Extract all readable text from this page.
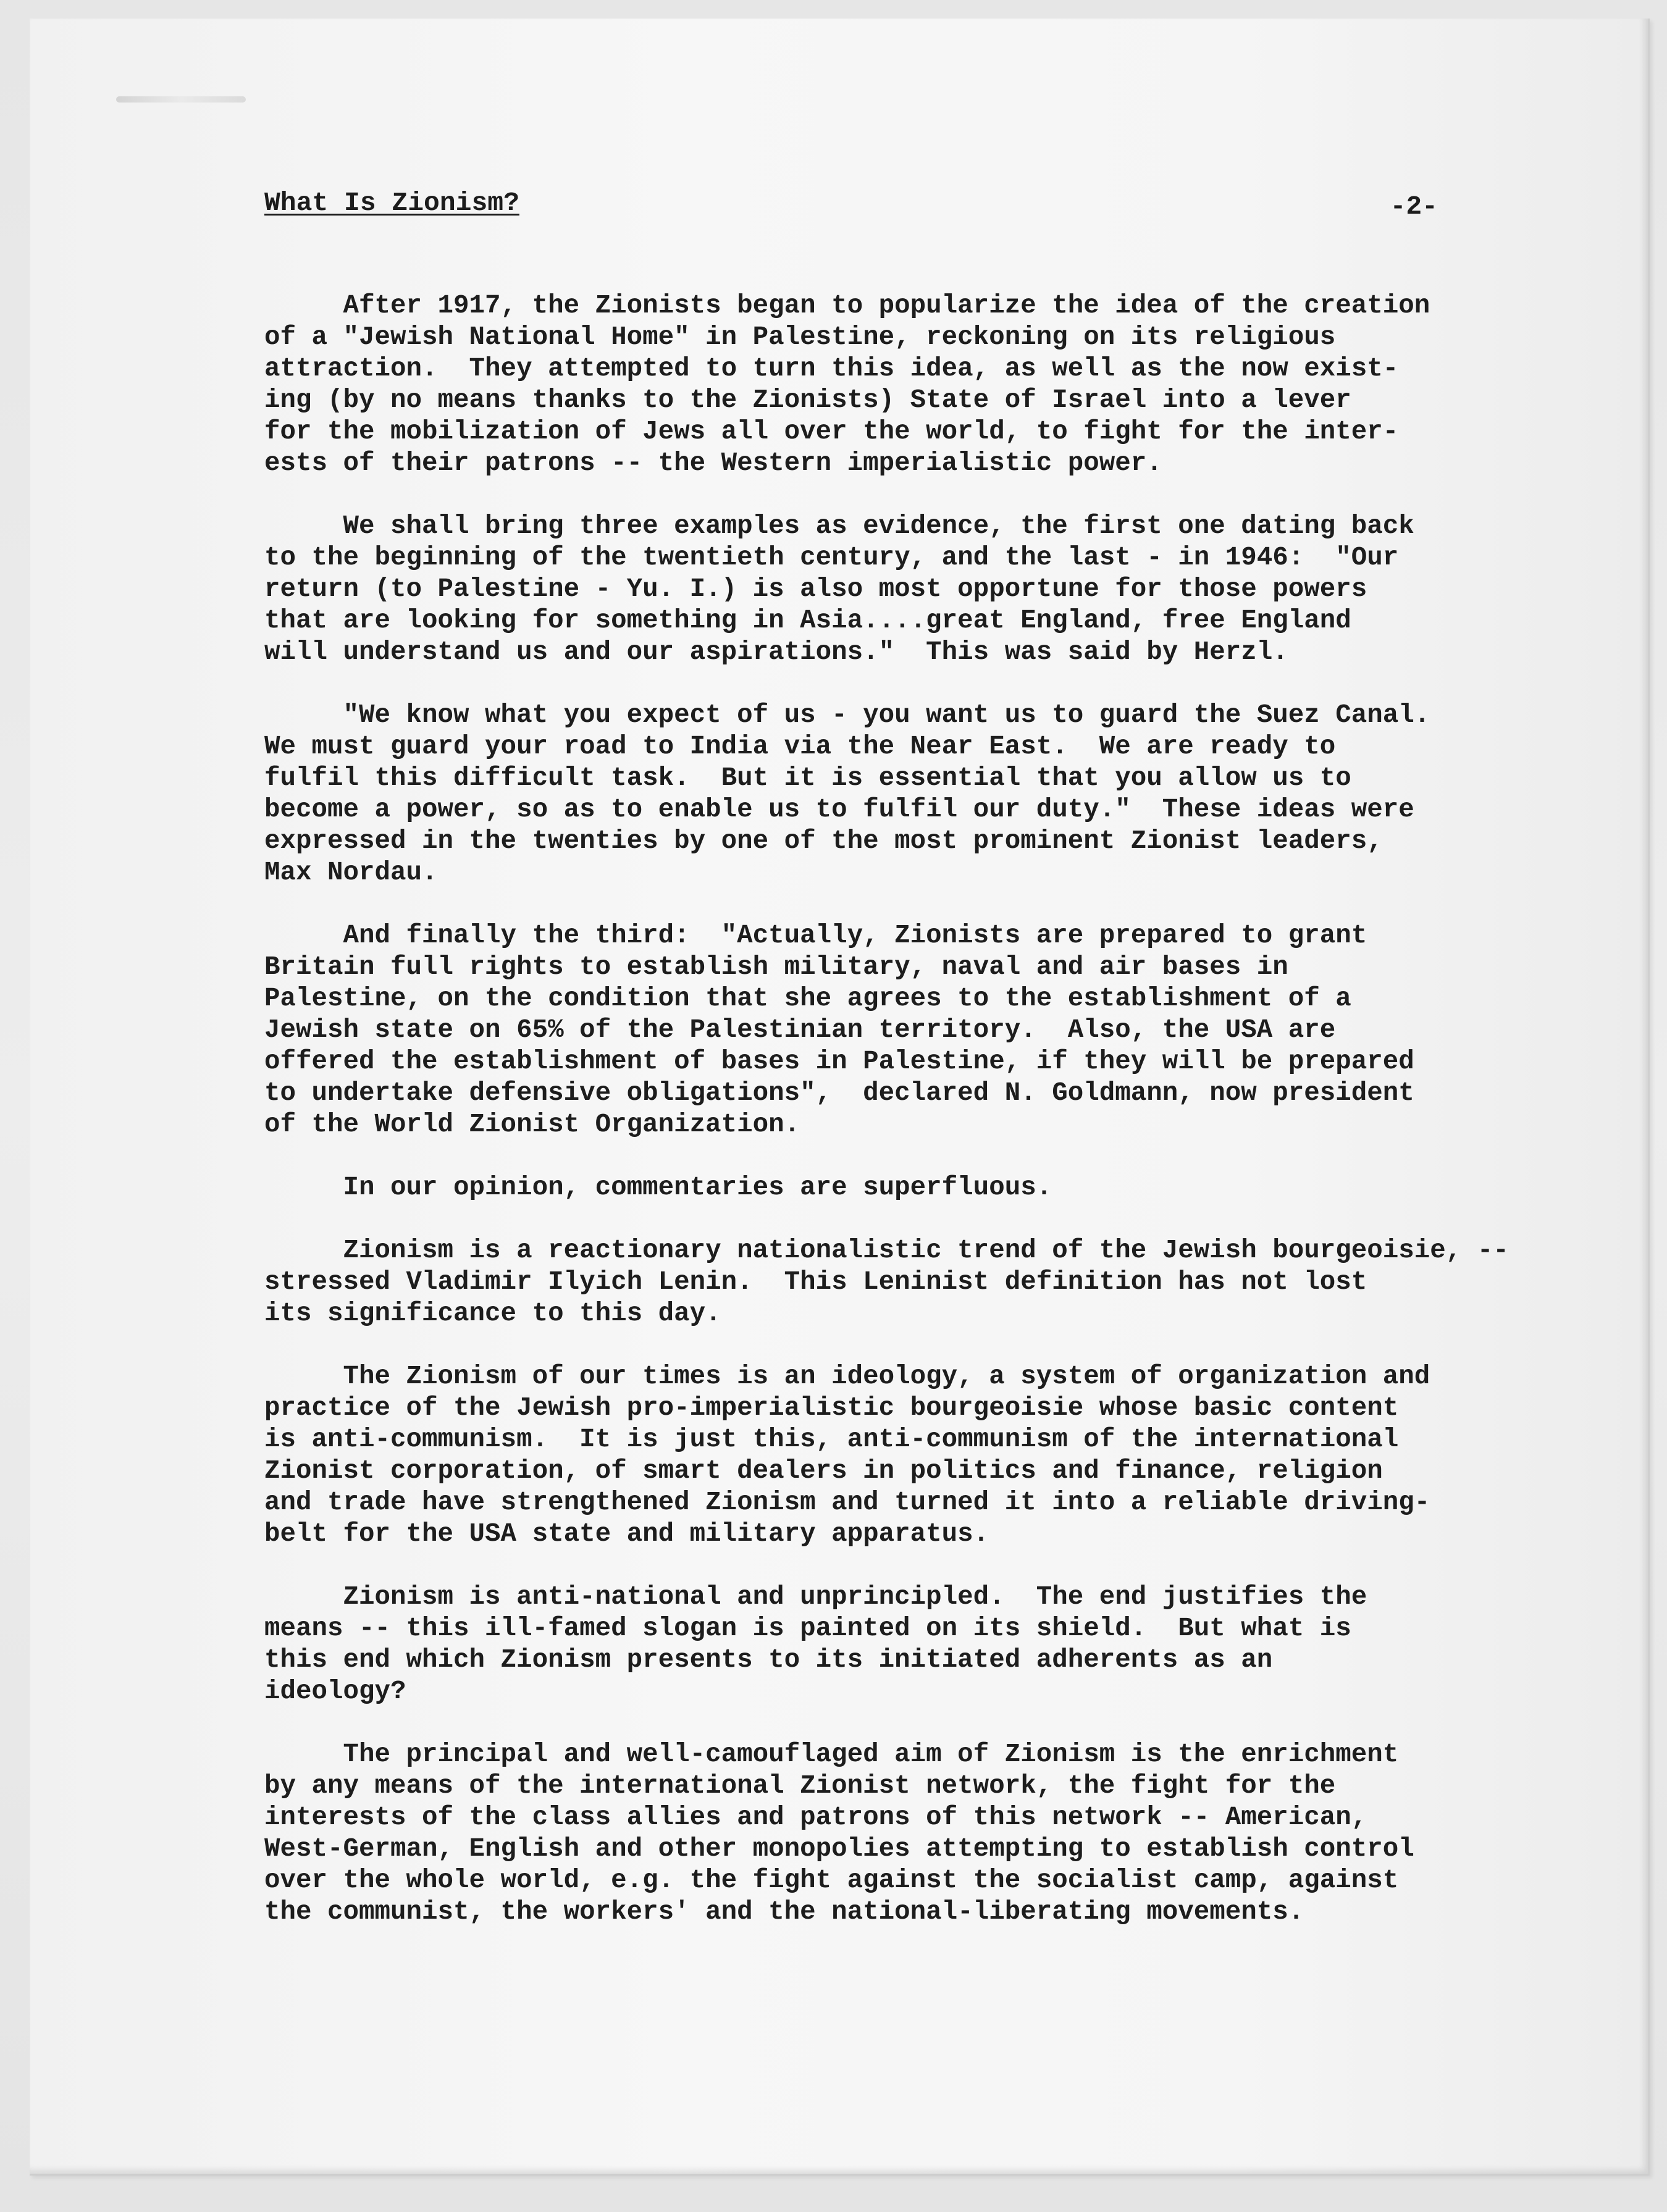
What Is Zionism?	-2-

After 1917, the Zionists began to popularize the idea of the creation
of a "Jewish National Home" in Palestine, reckoning on its religious
attraction.  They attempted to turn this idea, as well as the now exist-
ing (by no means thanks to the Zionists) State of Israel into a lever
for the mobilization of Jews all over the world, to fight for the inter-
ests of their patrons -- the Western imperialistic power.

We shall bring three examples as evidence, the first one dating back
to the beginning of the twentieth century, and the last - in 1946:  "Our
return (to Palestine - Yu. I.) is also most opportune for those powers
that are looking for something in Asia....great England, free England
will understand us and our aspirations."  This was said by Herzl.

"We know what you expect of us - you want us to guard the Suez Canal.
We must guard your road to India via the Near East.  We are ready to
fulfil this difficult task.  But it is essential that you allow us to
become a power, so as to enable us to fulfil our duty."  These ideas were
expressed in the twenties by one of the most prominent Zionist leaders,
Max Nordau.

And finally the third:  "Actually, Zionists are prepared to grant
Britain full rights to establish military, naval and air bases in
Palestine, on the condition that she agrees to the establishment of a
Jewish state on 65% of the Palestinian territory.  Also, the USA are
offered the establishment of bases in Palestine, if they will be prepared
to undertake defensive obligations",  declared N. Goldmann, now president
of the World Zionist Organization.

In our opinion, commentaries are superfluous.

Zionism is a reactionary nationalistic trend of the Jewish bourgeoisie, --
stressed Vladimir Ilyich Lenin.  This Leninist definition has not lost
its significance to this day.

The Zionism of our times is an ideology, a system of organization and
practice of the Jewish pro-imperialistic bourgeoisie whose basic content
is anti-communism.  It is just this, anti-communism of the international
Zionist corporation, of smart dealers in politics and finance, religion
and trade have strengthened Zionism and turned it into a reliable driving-
belt for the USA state and military apparatus.

Zionism is anti-national and unprincipled.  The end justifies the
means -- this ill-famed slogan is painted on its shield.  But what is
this end which Zionism presents to its initiated adherents as an
ideology?

The principal and well-camouflaged aim of Zionism is the enrichment
by any means of the international Zionist network, the fight for the
interests of the class allies and patrons of this network -- American,
West-German, English and other monopolies attempting to establish control
over the whole world, e.g. the fight against the socialist camp, against
the communist, the workers' and the national-liberating movements.
